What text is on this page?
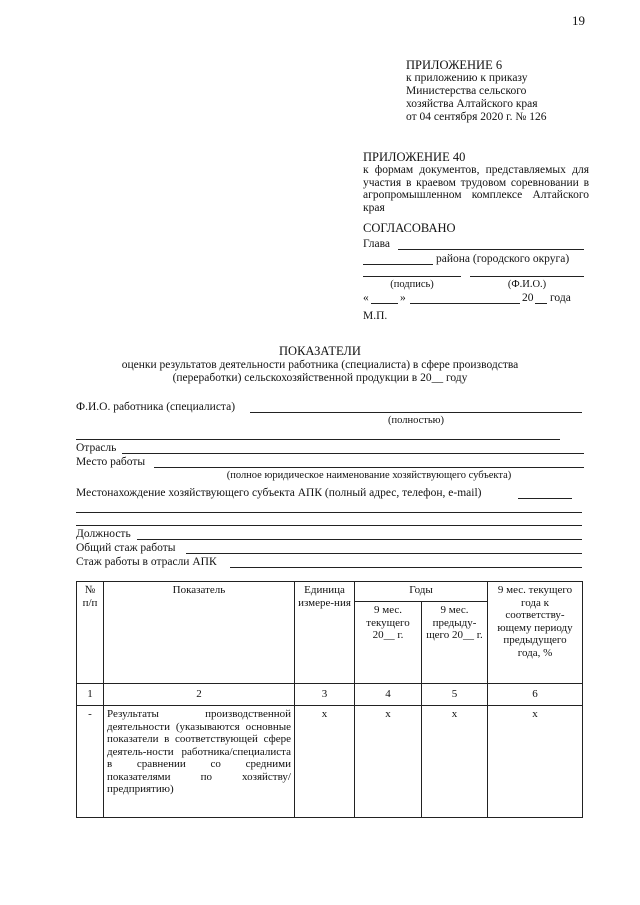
19
ПРИЛОЖЕНИЕ 6
к приложению к приказу
Министерства сельского
хозяйства Алтайского края
от 04 сентября 2020 г. № 126
ПРИЛОЖЕНИЕ 40
к формам документов, представляемых для участия в краевом трудовом соревновании в агропромышленном комплексе Алтайского края
СОГЛАСОВАНО
Глава
района (городского округа)
(подпись)	(Ф.И.О.)
«	»	20 года
М.П.
ПОКАЗАТЕЛИ
оценки результатов деятельности работника (специалиста) в сфере производства
(переработки) сельскохозяйственной продукции в 20__ году
Ф.И.О. работника (специалиста)
(полностью)
Отрасль
Место работы
(полное юридическое наименование хозяйствующего субъекта)
Местонахождение хозяйствующего субъекта АПК (полный адрес, телефон, e-mail)
Должность
Общий стаж работы
Стаж работы в отрасли АПК
№ п/п	Показатель	Единица измере-ния	Годы		9 мес. текущего года к соответству-ющему периоду предыдущего года, %
			9 мес. текущего 20__ г.	9 мес. предыду-щего 20__ г.	
1	2	3	4	5	6
-	Результаты производственной деятельности (указываются основные показатели в соответствующей сфере деятель-ности работника/специалиста в сравнении со средними показателями по хозяйству/предприятию)	х	х	х	х
